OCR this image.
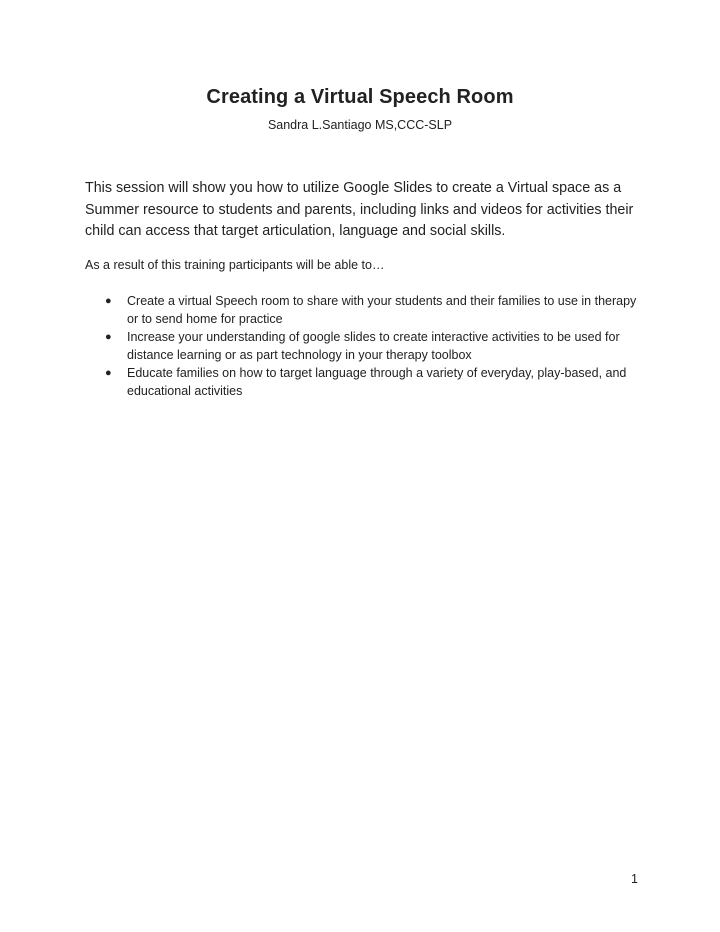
Creating a Virtual Speech Room
Sandra L.Santiago MS,CCC-SLP

This session will show you how to utilize Google Slides to create a Virtual space as a Summer resource to students and parents, including links and videos for activities their child can access that target articulation, language and social skills.

As a result of this training participants will be able to…

● Create a virtual Speech room to share with your students and their families to use in therapy or to send home for practice
● Increase your understanding of google slides to create interactive activities to be used for distance learning or as part technology in your therapy toolbox
● Educate families on how to target language through a variety of everyday, play-based, and educational activities
1
